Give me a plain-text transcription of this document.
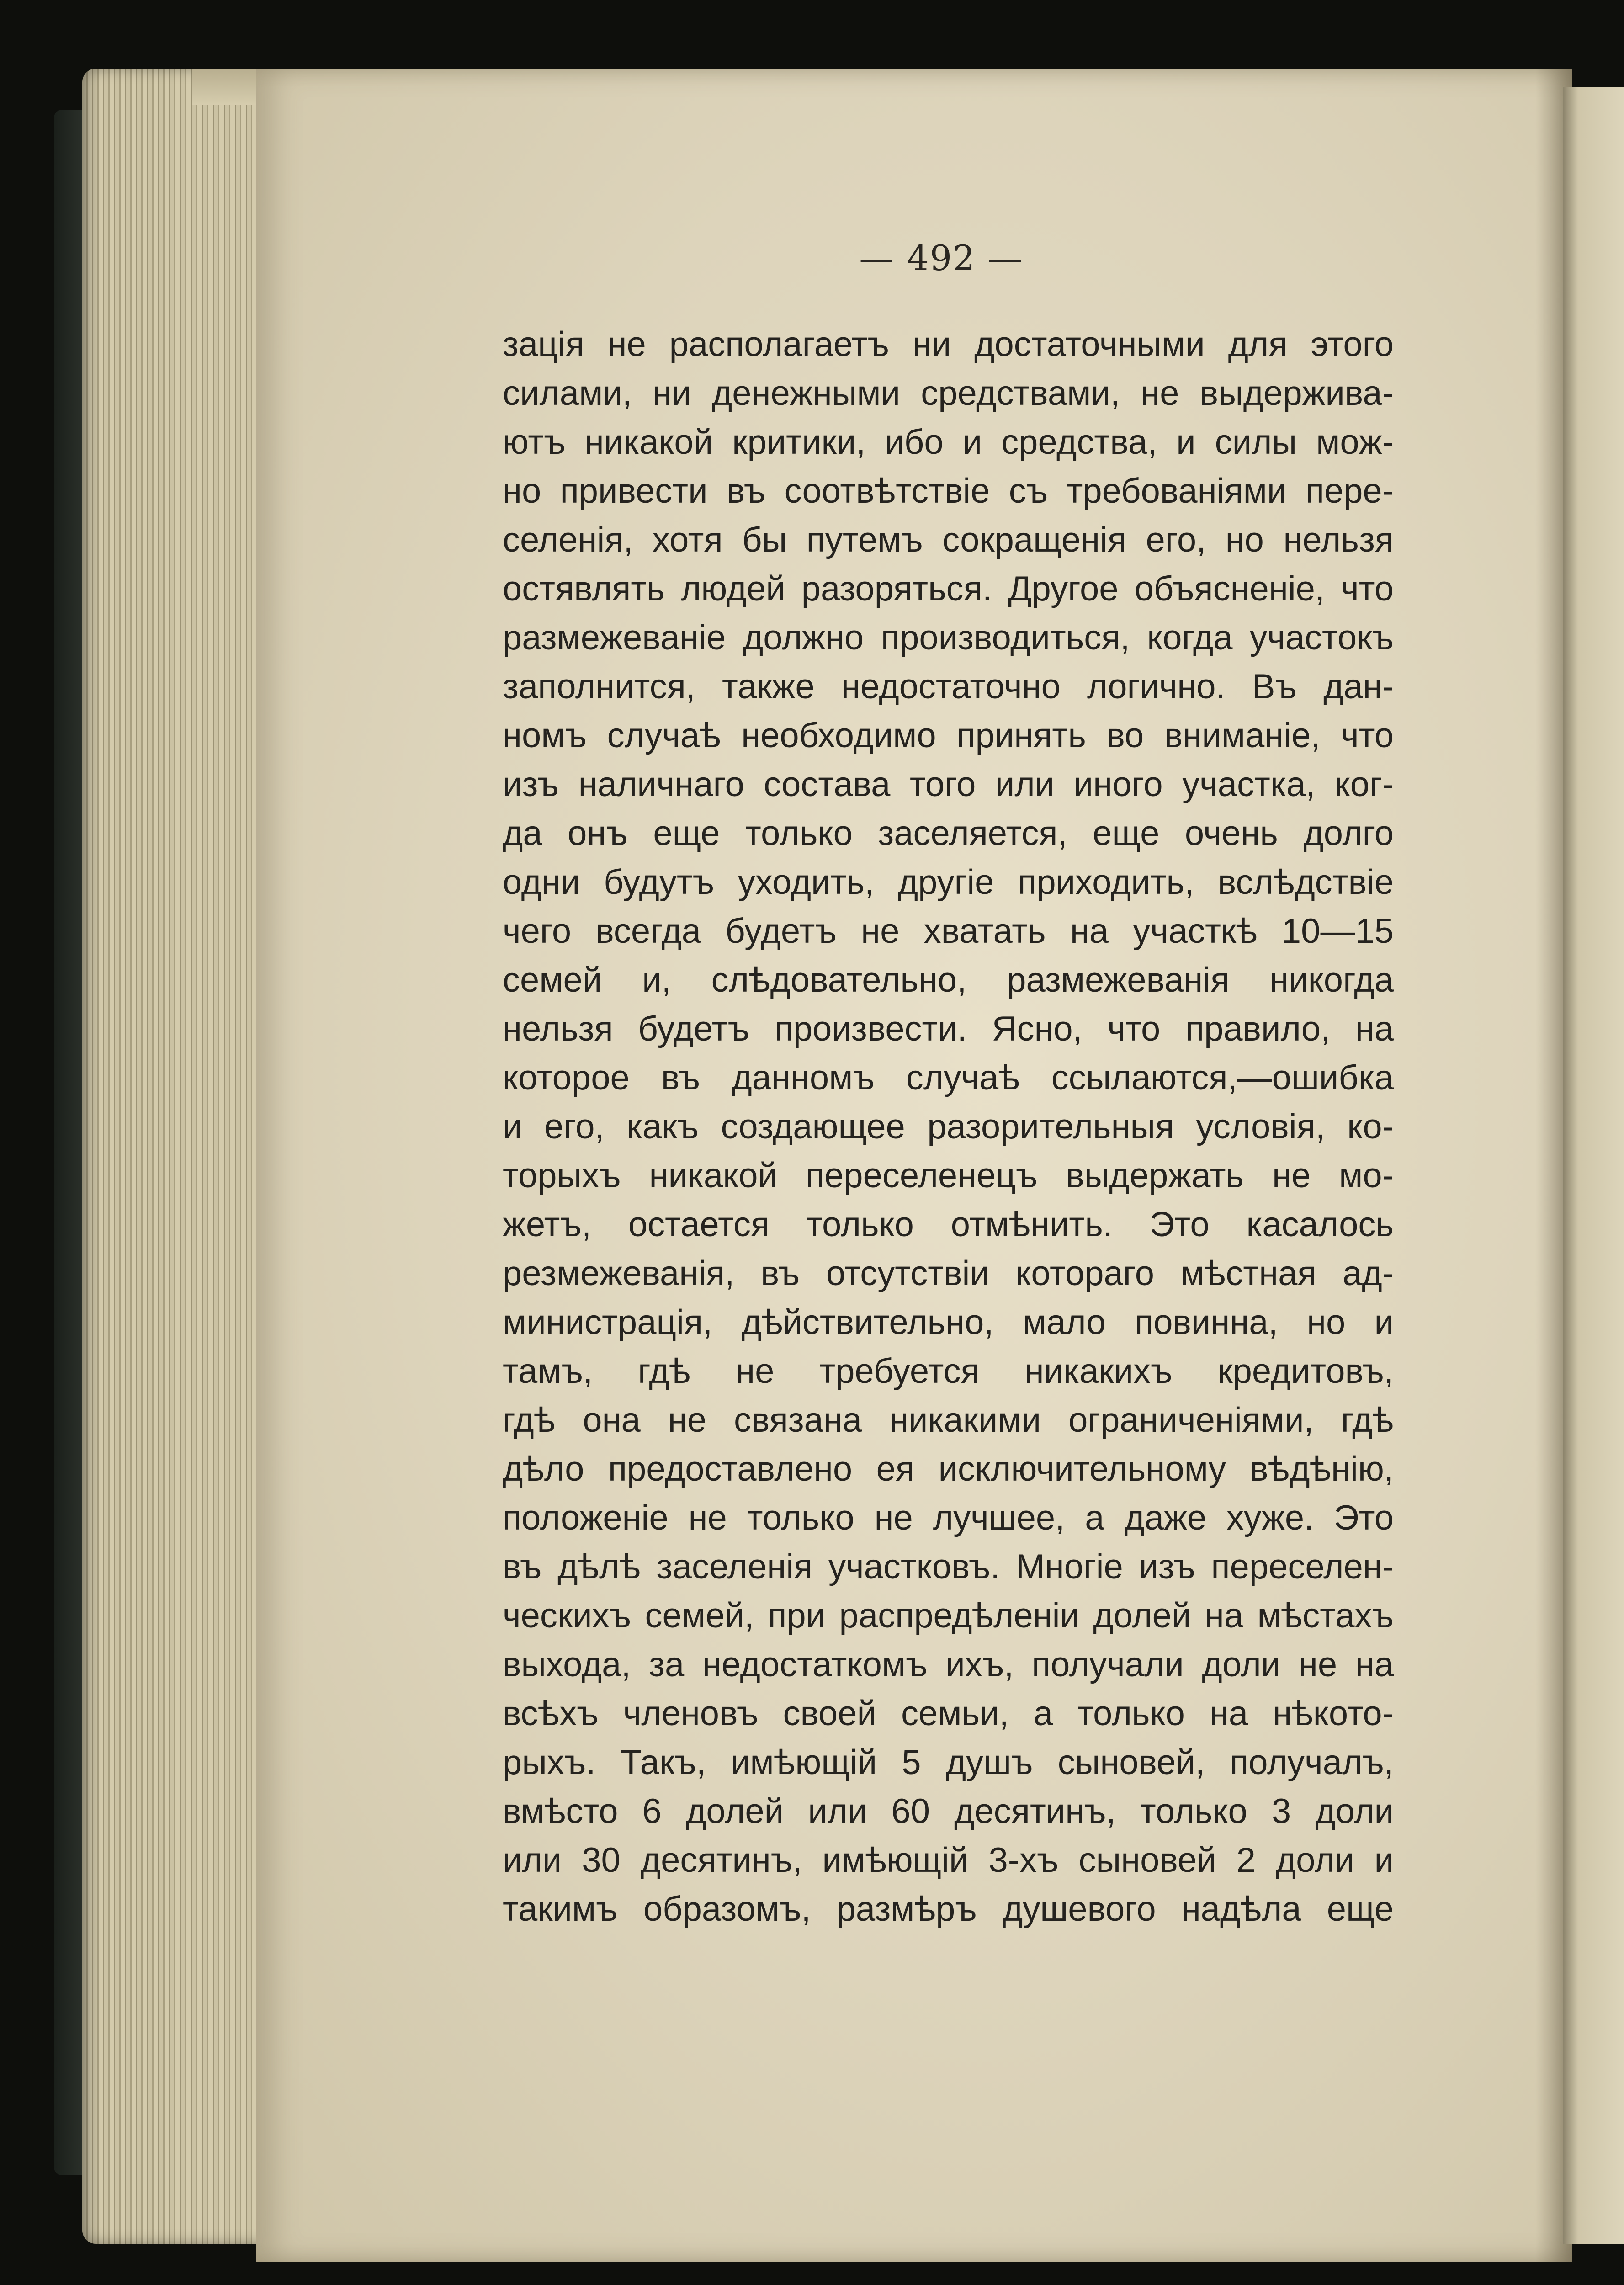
— 492 —
зація не располагаетъ ни достаточными для этого
силами, ни денежными средствами, не выдержива-
ютъ никакой критики, ибо и средства, и силы мож-
но привести въ соотвѣтствіе съ требованіями пере-
селенія, хотя бы путемъ сокращенія его, но нельзя
остявлять людей разоряться. Другое объясненіе, что
размежеваніе должно производиться, когда участокъ
заполнится, также недостаточно логично. Въ дан-
номъ случаѣ необходимо принять во вниманіе, что
изъ наличнаго состава того или иного участка, ког-
да онъ еще только заселяется, еще очень долго
одни будутъ уходить, другіе приходить, вслѣдствіе
чего всегда будетъ не хватать на участкѣ 10—15
семей и, слѣдовательно, размежеванія никогда
нельзя будетъ произвести. Ясно, что правило, на
которое въ данномъ случаѣ ссылаются,—ошибка
и его, какъ создающее разорительныя условія, ко-
торыхъ никакой переселенецъ выдержать не мо-
жетъ, остается только отмѣнить. Это касалось
резмежеванія, въ отсутствіи котораго мѣстная ад-
министрація, дѣйствительно, мало повинна, но и
тамъ, гдѣ не требуется никакихъ кредитовъ,
гдѣ она не связана никакими ограниченіями, гдѣ
дѣло предоставлено ея исключительному вѣдѣнію,
положеніе не только не лучшее, а даже хуже. Это
въ дѣлѣ заселенія участковъ. Многіе изъ переселен-
ческихъ семей, при распредѣленіи долей на мѣстахъ
выхода, за недостаткомъ ихъ, получали доли не на
всѣхъ членовъ своей семьи, а только на нѣкото-
рыхъ. Такъ, имѣющій 5 душъ сыновей, получалъ,
вмѣсто 6 долей или 60 десятинъ, только 3 доли
или 30 десятинъ, имѣющій 3-хъ сыновей 2 доли и
такимъ образомъ, размѣръ душевого надѣла еще
